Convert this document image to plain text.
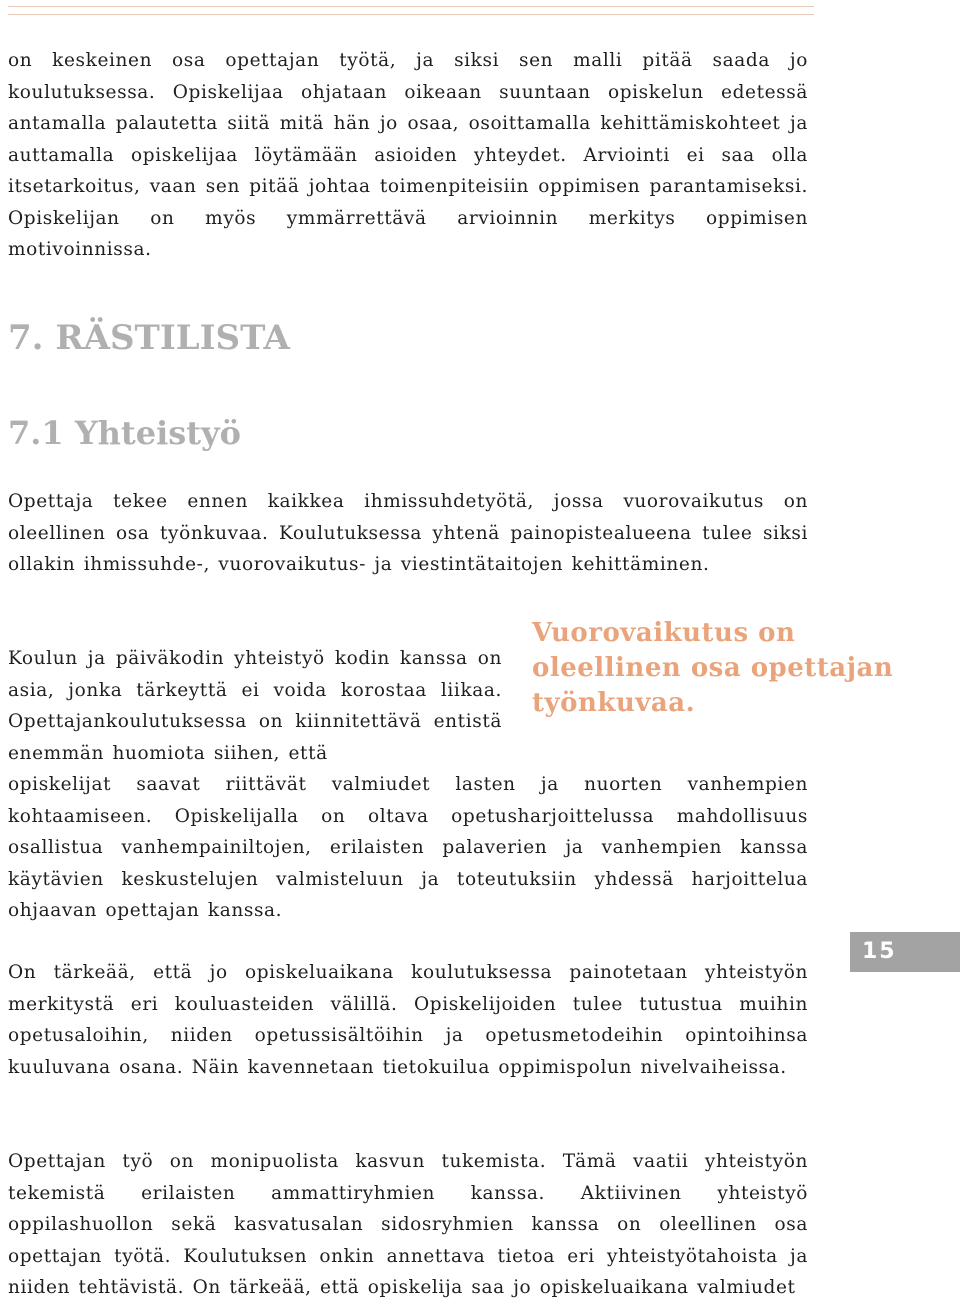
on keskeinen osa opettajan työtä, ja siksi sen malli pitää saada jo koulutuksessa. Opiskelijaa ohjataan oikeaan suuntaan opiskelun edetessä antamalla palautetta siitä mitä hän jo osaa, osoittamalla kehittämiskohteet ja auttamalla opiskelijaa löytämään asioiden yhteydet. Arviointi ei saa olla itsetarkoitus, vaan sen pitää johtaa toimenpiteisiin oppimisen parantamiseksi. Opiskelijan on myös ymmärrettävä arvioinnin merkitys oppimisen motivoinnissa.

7. RÄSTILISTA
7.1 Yhteistyö

Opettaja tekee ennen kaikkea ihmissuhdetyötä, jossa vuorovaikutus on oleellinen osa työnkuvaa. Koulutuksessa yhtenä painopistealueena tulee siksi ollakin ihmissuhde-, vuorovaikutus- ja viestintätaitojen kehittäminen.

Koulun ja päiväkodin yhteistyö kodin kanssa on asia, jonka tärkeyttä ei voida korostaa liikaa. Opettajankoulutuksessa on kiinnitettävä entistä enemmän huomiota siihen, että

opiskelijat saavat riittävät valmiudet lasten ja nuorten vanhempien kohtaamiseen. Opiskelijalla on oltava opetusharjoittelussa mahdollisuus osallistua vanhempainiltojen, erilaisten palaverien ja vanhempien kanssa käytävien keskustelujen valmisteluun ja toteutuksiin yhdessä harjoittelua ohjaavan opettajan kanssa.

Vuorovaikutus on oleellinen osa opettajan työnkuvaa.

On tärkeää, että jo opiskeluaikana koulutuksessa painotetaan yhteistyön merkitystä eri kouluasteiden välillä. Opiskelijoiden tulee tutustua muihin opetusaloihin, niiden opetussisältöihin ja opetusmetodeihin opintoihinsa kuuluvana osana. Näin kavennetaan tietokuilua oppimispolun nivelvaiheissa.

Opettajan työ on monipuolista kasvun tukemista. Tämä vaatii yhteistyön tekemistä erilaisten ammattiryhmien kanssa. Aktiivinen yhteistyö oppilashuollon sekä kasvatusalan sidosryhmien kanssa on oleellinen osa opettajan työtä. Koulutuksen onkin annettava tietoa eri yhteistyötahoista ja niiden tehtävistä. On tärkeää, että opiskelija saa jo opiskeluaikana valmiudet

15
